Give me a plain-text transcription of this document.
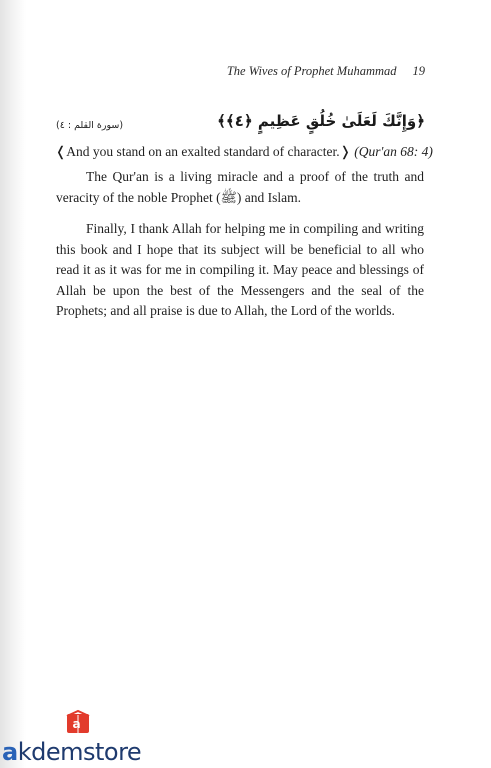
The Wives of Prophet Muhammad 19
(سورة القلم : ٤)	﴿وَإِنَّكَ لَعَلَىٰ خُلُقٍ عَظِيمٍ ﴿٤﴾﴾
❬And you stand on an exalted standard of character.❭ (Qur'an 68: 4)

The Qur'an is a living miracle and a proof of the truth and veracity of the noble Prophet (ﷺ) and Islam.

Finally, I thank Allah for helping me in compiling and writing this book and I hope that its subject will be beneficial to all who read it as it was for me in compiling it. May peace and blessings of Allah be upon the best of the Messengers and the seal of the Prophets; and all praise is due to Allah, the Lord of the worlds.

a
akdemstore
